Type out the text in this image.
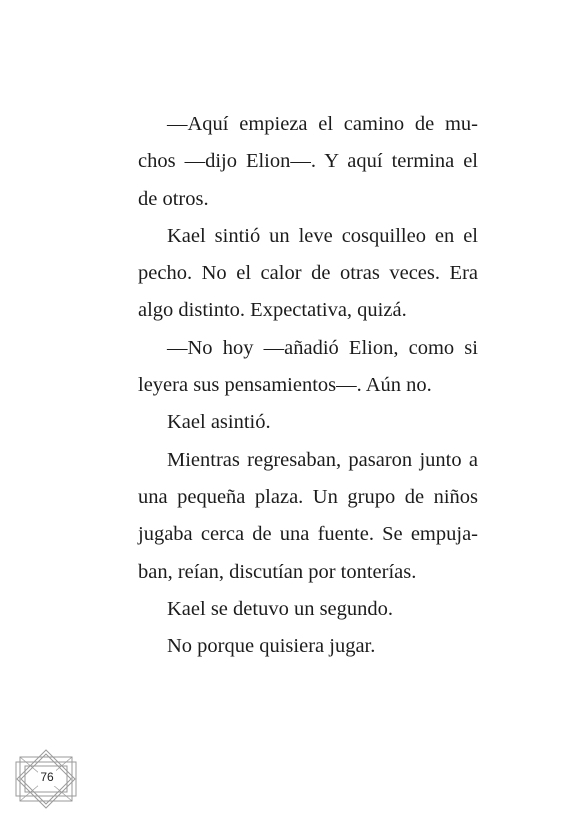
—Aquí empieza el camino de muchos —dijo Elion—. Y aquí termina el de otros.

Kael sintió un leve cosquilleo en el pecho. No el calor de otras veces. Era algo distinto. Expectativa, quizá.

—No hoy —añadió Elion, como si leyera sus pensamientos—. Aún no.

Kael asintió.

Mientras regresaban, pasaron junto a una pequeña plaza. Un grupo de niños jugaba cerca de una fuente. Se empujaban, reían, discutían por tonterías.

Kael se detuvo un segundo.

No porque quisiera jugar.

76
